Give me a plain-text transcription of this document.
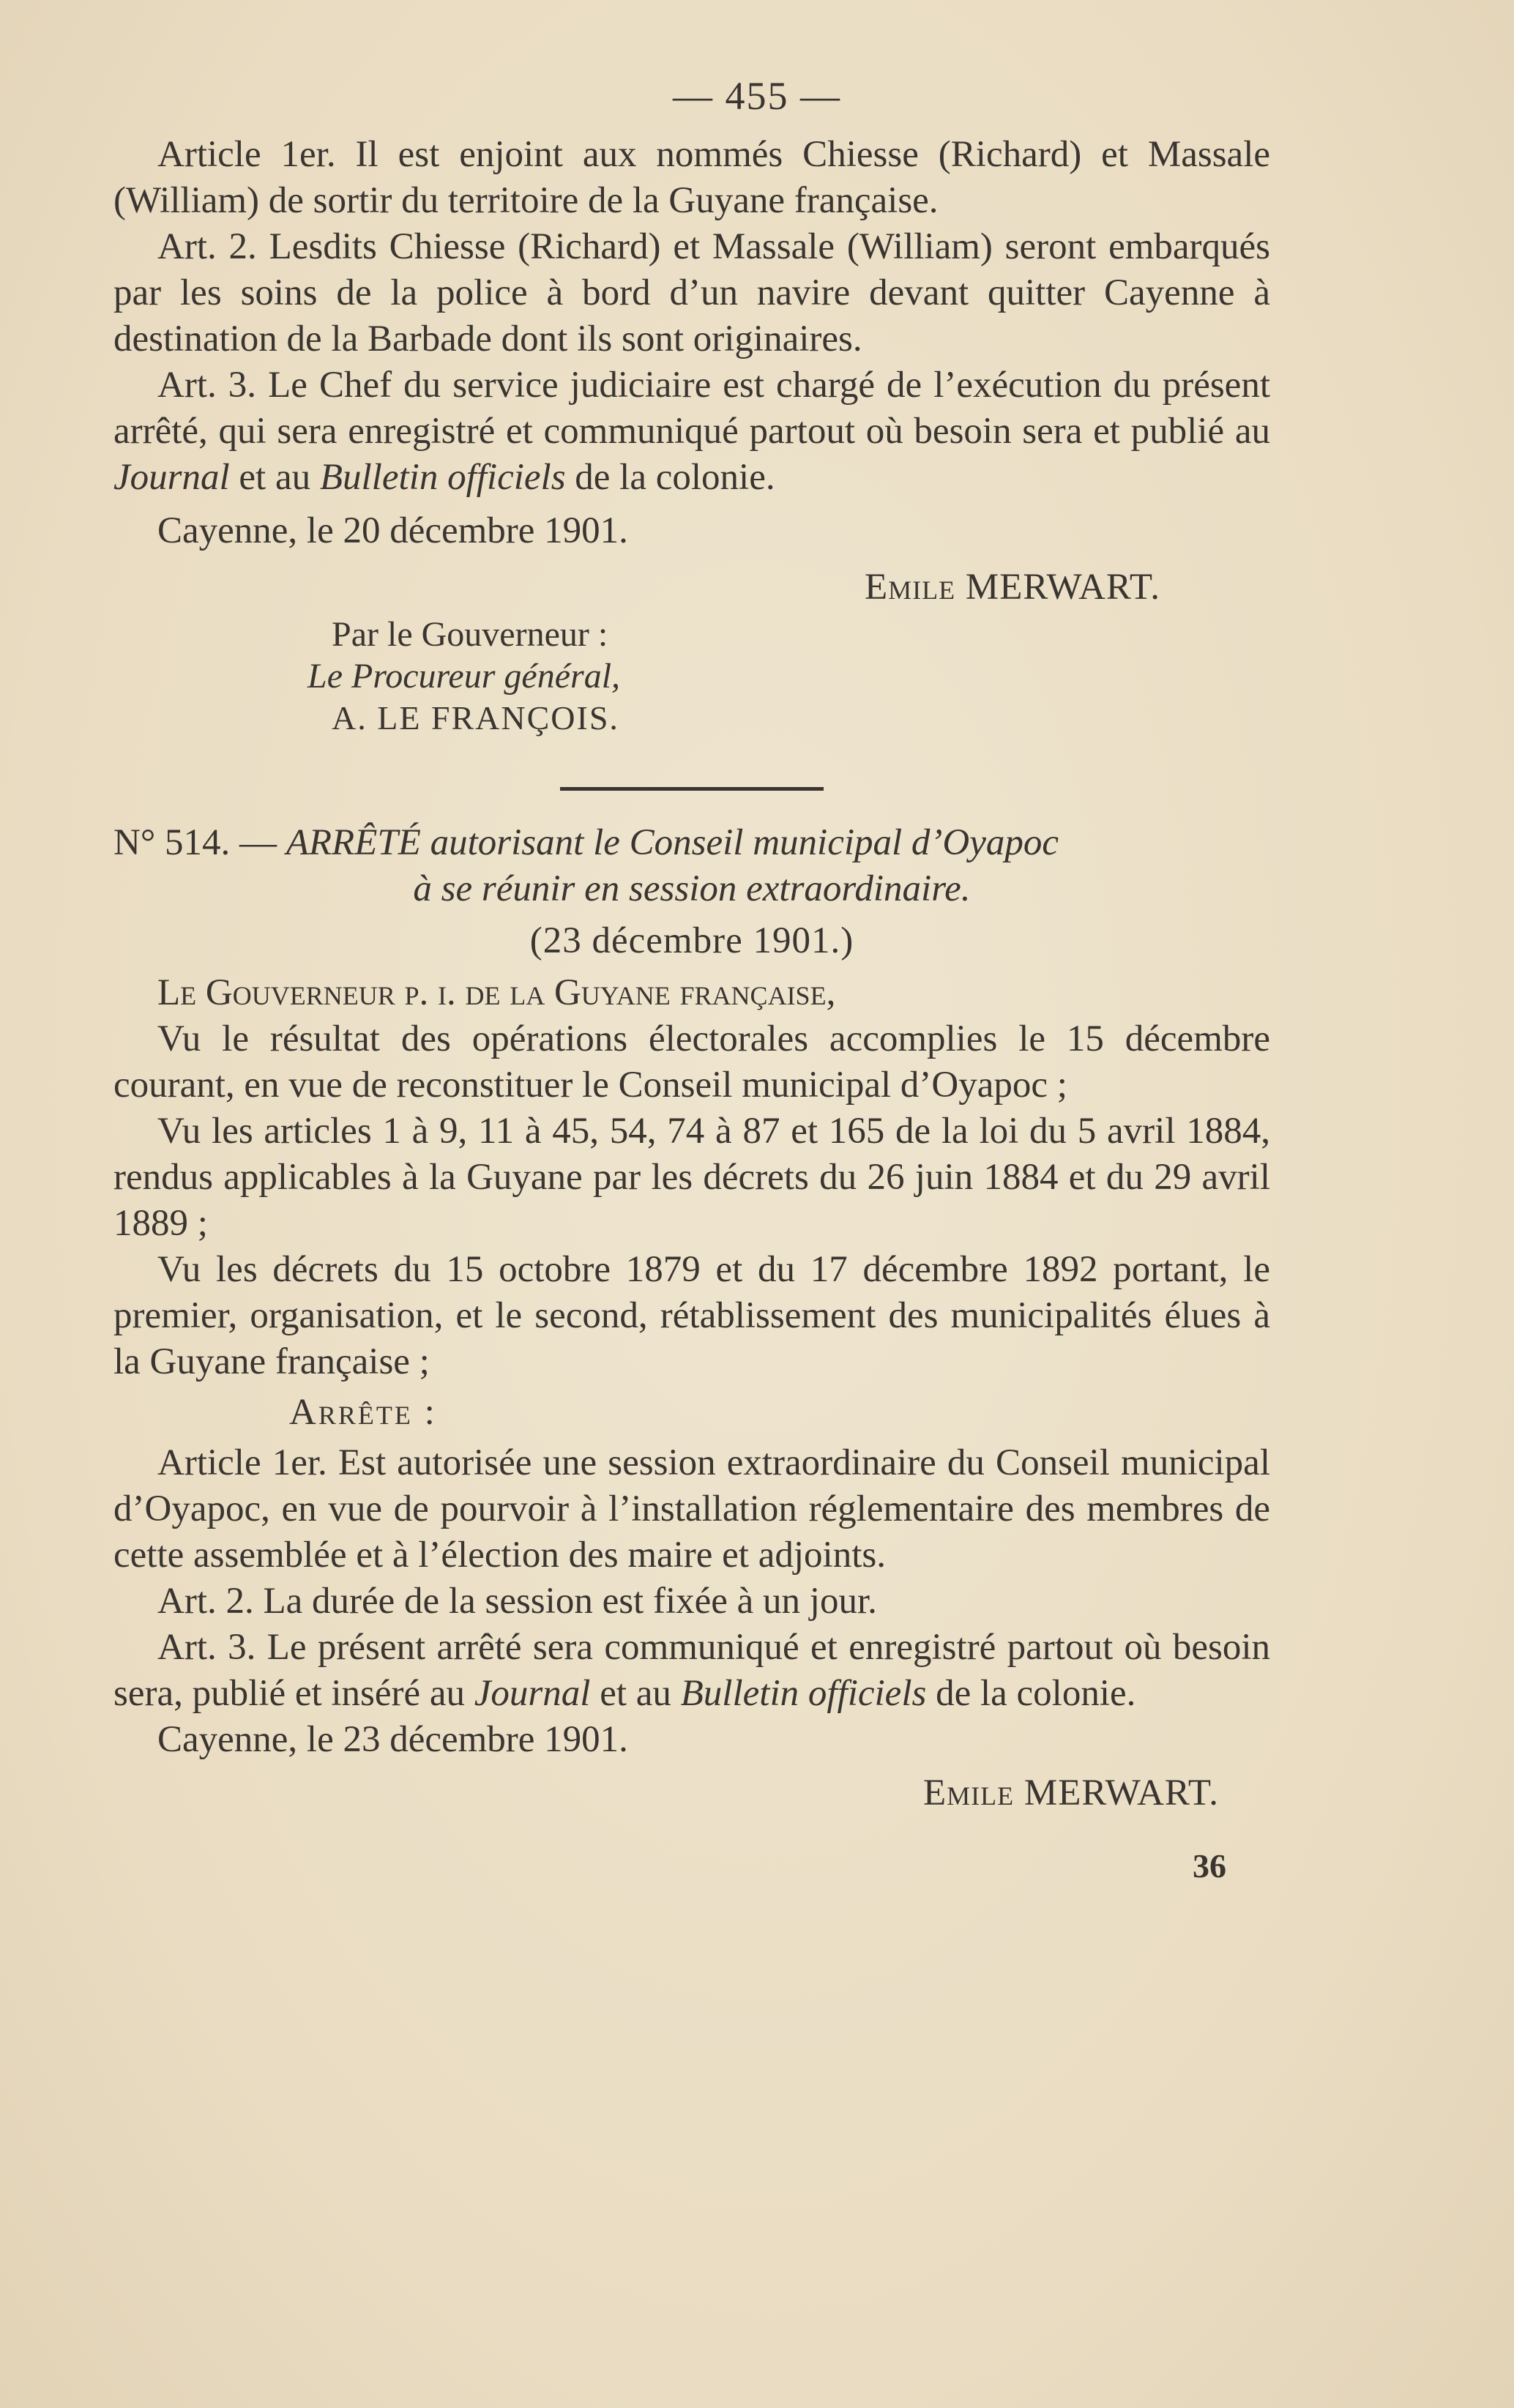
— 455 —

Article 1er. Il est enjoint aux nommés Chiesse (Richard) et Massale (William) de sortir du territoire de la Guyane française.

Art. 2. Lesdits Chiesse (Richard) et Massale (William) seront embarqués par les soins de la police à bord d’un navire devant quitter Cayenne à destination de la Barbade dont ils sont originaires.

Art. 3. Le Chef du service judiciaire est chargé de l’exécution du présent arrêté, qui sera enregistré et communiqué partout où besoin sera et publié au Journal et au Bulletin officiels de la colonie.

Cayenne, le 20 décembre 1901.

Emile MERWART.

Par le Gouverneur :

Le Procureur général,

A. LE FRANÇOIS.

N° 514. — ARRÊTÉ autorisant le Conseil municipal d’Oyapoc

à se réunir en session extraordinaire.

(23 décembre 1901.)

Le Gouverneur p. i. de la Guyane française,

Vu le résultat des opérations électorales accomplies le 15 décembre courant, en vue de reconstituer le Conseil municipal d’Oyapoc ;

Vu les articles 1 à 9, 11 à 45, 54, 74 à 87 et 165 de la loi du 5 avril 1884, rendus applicables à la Guyane par les décrets du 26 juin 1884 et du 29 avril 1889 ;

Vu les décrets du 15 octobre 1879 et du 17 décembre 1892 portant, le premier, organisation, et le second, rétablissement des municipalités élues à la Guyane française ;

Arrête :

Article 1er. Est autorisée une session extraordinaire du Conseil municipal d’Oyapoc, en vue de pourvoir à l’installation réglementaire des membres de cette assemblée et à l’élection des maire et adjoints.

Art. 2. La durée de la session est fixée à un jour.

Art. 3. Le présent arrêté sera communiqué et enregistré partout où besoin sera, publié et inséré au Journal et au Bulletin officiels de la colonie.

Cayenne, le 23 décembre 1901.

Emile MERWART.

36
